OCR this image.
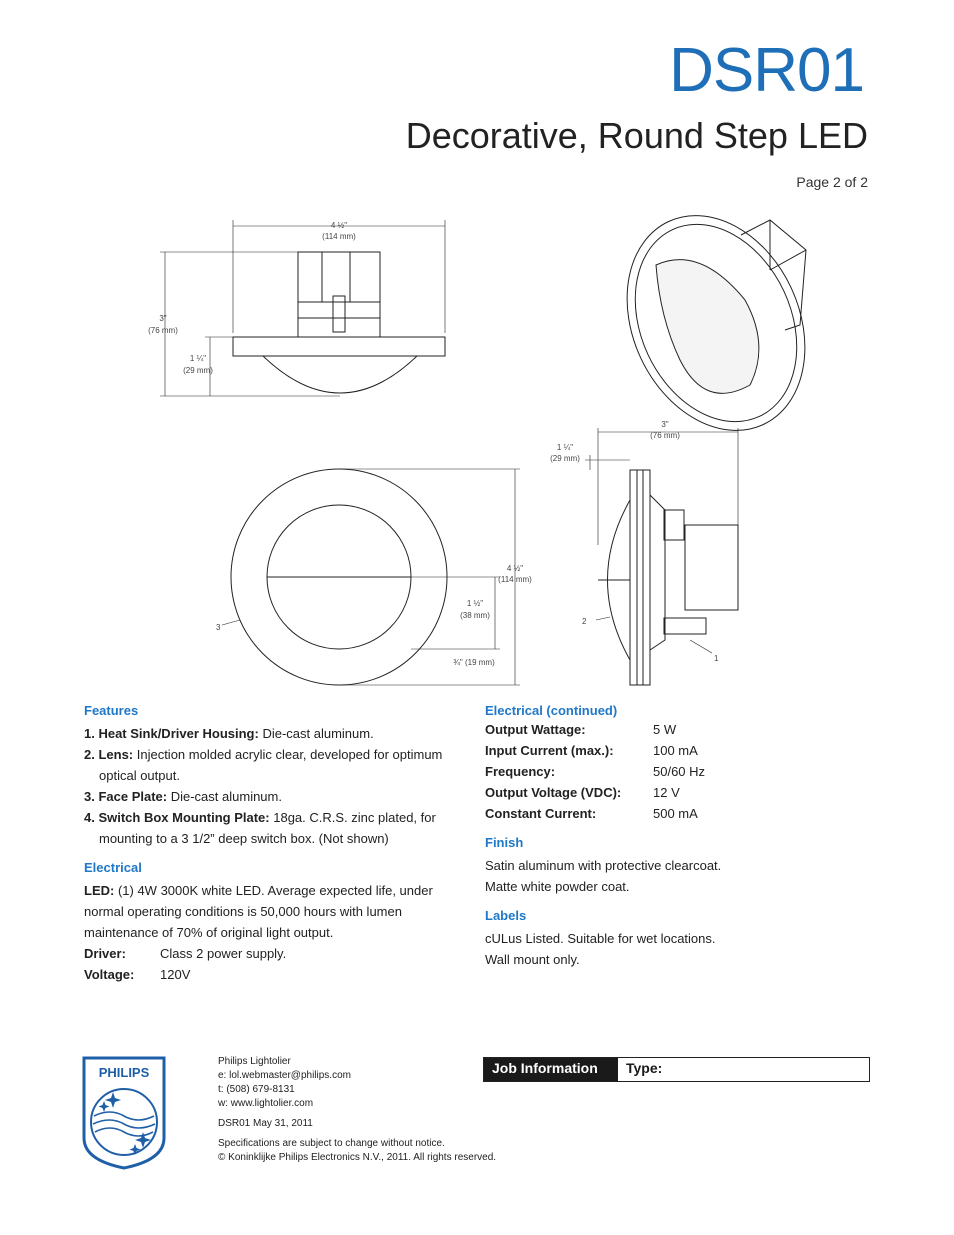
DSR01
Decorative, Round Step LED
Page 2 of 2
4 ½"
(114 mm)
3"
(76 mm)
1 ¼"
(29 mm)
4 ½"
(114 mm)
1 ½"
(38 mm)
¾" (19 mm)
3"
(76 mm)
1 ¼"
(29 mm)
1
2
3
Features
1. Heat Sink/Driver Housing: Die-cast aluminum.
2. Lens: Injection molded acrylic clear, developed for optimum optical output.
3. Face Plate: Die-cast aluminum.
4. Switch Box Mounting Plate: 18ga. C.R.S. zinc plated, for mounting to a 3 1/2” deep switch box. (Not shown)
Electrical
LED: (1) 4W 3000K white LED. Average expected life, under normal operating conditions is 50,000 hours with lumen maintenance of 70% of original light output.
Driver:	Class 2 power supply.
Voltage:	120V
Electrical (continued)
Output Wattage:	5 W
Input Current (max.):	100 mA
Frequency:	50/60 Hz
Output Voltage (VDC):	12 V
Constant Current:	500 mA
Finish
Satin aluminum with protective clearcoat.
Matte white powder coat.
Labels
cULus Listed. Suitable for wet locations.
Wall mount only.
PHILIPS
Philips Lightolier
e: lol.webmaster@philips.com
t: (508) 679-8131
w: www.lightolier.com
DSR01 May 31, 2011
Specifications are subject to change without notice.
© Koninklijke Philips Electronics N.V., 2011. All rights reserved.
Job Information	Type:
